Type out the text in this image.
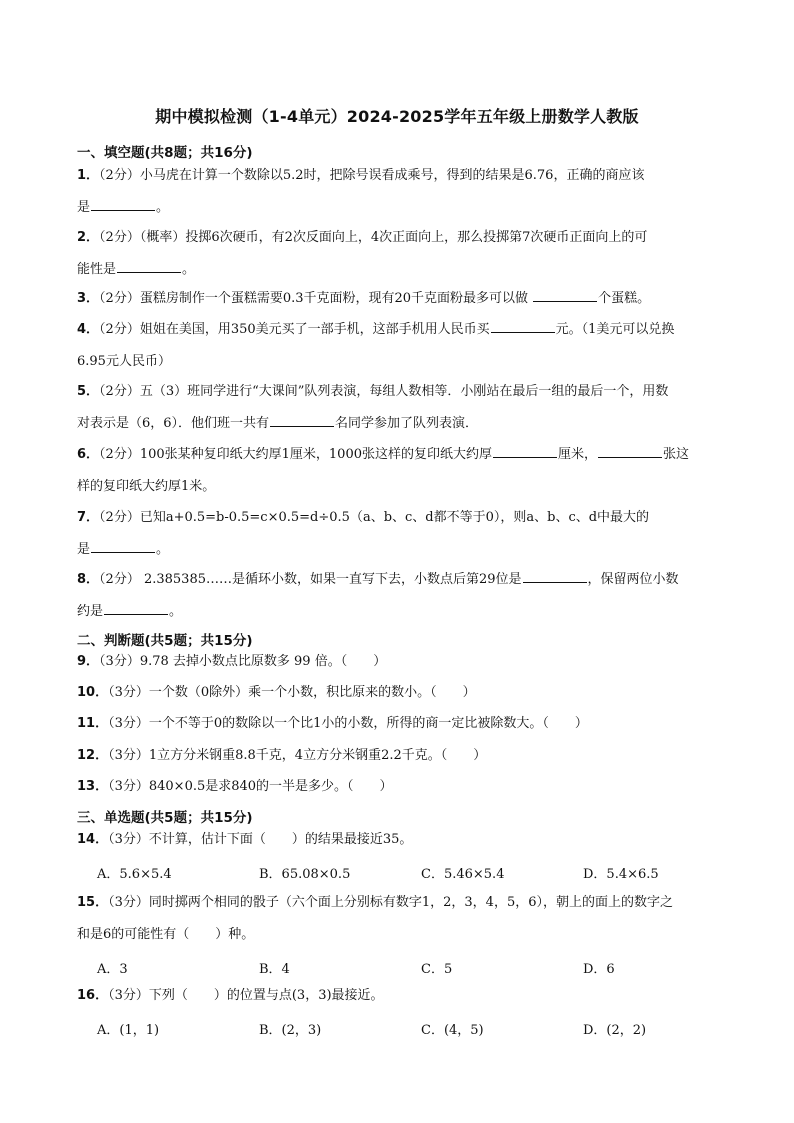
期中模拟检测（1-4单元）2024-2025学年五年级上册数学人教版
一、填空题(共8题；共16分)
1．（2分）小马虎在计算一个数除以5.2时，把除号误看成乘号，得到的结果是6.76，正确的商应该
是	。
2．（2分）（概率）投掷6次硬币，有2次反面向上，4次正面向上，那么投掷第7次硬币正面向上的可
能性是	。
3．（2分）蛋糕房制作一个蛋糕需要0.3千克面粉，现有20千克面粉最多可以做	个蛋糕。
4．（2分）姐姐在美国，用350美元买了一部手机，这部手机用人民币买	元。（1美元可以兑换
6.95元人民币）
5．（2分）五（3）班同学进行“大课间”队列表演，每组人数相等．小刚站在最后一组的最后一个，用数
对表示是（6，6）．他们班一共有	名同学参加了队列表演．
6．（2分）100张某种复印纸大约厚1厘米，1000张这样的复印纸大约厚	厘米，	张这
样的复印纸大约厚1米。
7．（2分）已知a+0.5=b-0.5=c×0.5=d÷0.5（a、b、c、d都不等于0），则a、b、c、d中最大的
是	。
8．（2分） 2.385385……是循环小数，如果一直写下去，小数点后第29位是	，保留两位小数
约是	。
二、判断题(共5题；共15分)
9．（3分）9.78 去掉小数点比原数多 99 倍。（　　）
10．（3分）一个数（0除外）乘一个小数，积比原来的数小。（　　）
11．（3分）一个不等于0的数除以一个比1小的小数，所得的商一定比被除数大。（　　）
12．（3分）1立方分米钢重8.8千克，4立方分米钢重2.2千克。（　　）
13．（3分）840×0.5是求840的一半是多少。（　　）
三、单选题(共5题；共15分)
14．（3分）不计算，估计下面（　　）的结果最接近35。
A．5.6×5.4	B．65.08×0.5	C．5.46×5.4	D．5.4×6.5
15．（3分）同时掷两个相同的骰子（六个面上分别标有数字1，2，3，4，5，6），朝上的面上的数字之
和是6的可能性有（　　）种。
A．3	B．4	C．5	D．6
16．（3分）下列（　　）的位置与点(3，3)最接近。
A．(1，1)	B．(2，3)	C．(4，5)	D．(2，2)
